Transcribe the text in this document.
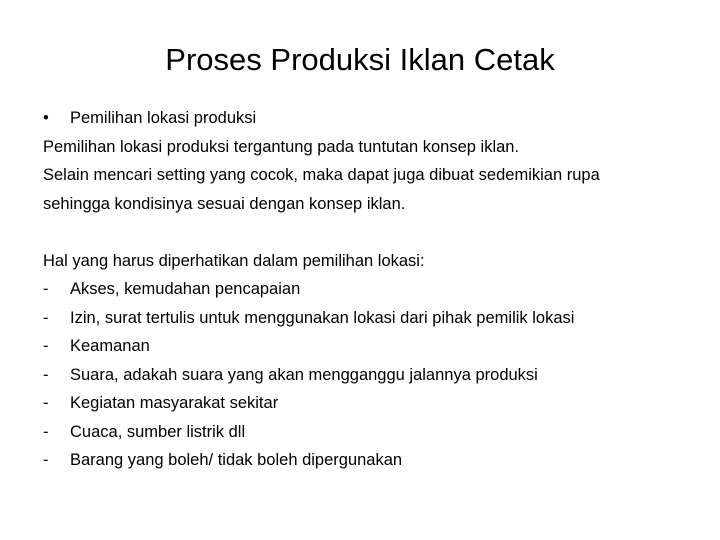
Proses Produksi Iklan Cetak
•	Pemilihan lokasi produksi
Pemilihan lokasi produksi tergantung pada tuntutan konsep iklan.
Selain mencari setting yang cocok, maka dapat juga dibuat sedemikian rupa
sehingga kondisinya sesuai dengan konsep iklan.
Hal yang harus diperhatikan dalam pemilihan lokasi:
-	Akses, kemudahan pencapaian
-	Izin, surat tertulis untuk menggunakan lokasi dari pihak pemilik lokasi
-	Keamanan
-	Suara, adakah suara yang akan mengganggu jalannya produksi
-	Kegiatan masyarakat sekitar
-	Cuaca, sumber listrik dll
-	Barang yang boleh/ tidak boleh dipergunakan
